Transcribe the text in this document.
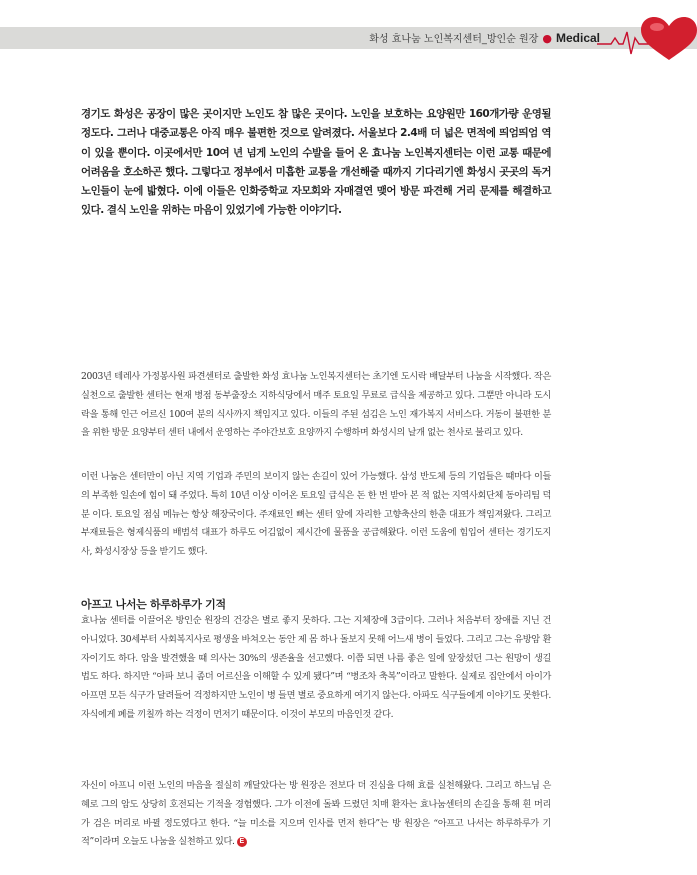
화성 효나눔 노인복지센터_방인순 원장 ● Medical
경기도 화성은 공장이 많은 곳이지만 노인도 참 많은 곳이다. 노인을 보호하는 요양원만 160개가량 운영될 정도다. 그러나 대중교통은 아직 매우 불편한 것으로 알려졌다. 서울보다 2.4배 더 넓은 면적에 띄엄띄엄 역이 있을 뿐이다. 이곳에서만 10여 년 넘게 노인의 수발을 들어 온 효나눔 노인복지센터는 이런 교통 때문에 어려움을 호소하곤 했다. 그렇다고 정부에서 미흡한 교통을 개선해줄 때까지 기다리기엔 화성시 곳곳의 독거노인들이 눈에 밟혔다. 이에 이들은 인화중학교 자모회와 자매결연 맺어 방문 파견해 거리 문제를 해결하고 있다. 결식 노인을 위하는 마음이 있었기에 가능한 이야기다.

2003년 테레사 가정봉사원 파견센터로 출발한 화성 효나눔 노인복지센터는 초기엔 도시락 배달부터 나눔을 시작했다. 작은 실천으로 출발한 센터는 현재 병점 동부출장소 지하식당에서 매주 토요일 무료로 급식을 제공하고 있다. 그뿐만 아니라 도시락을 통해 인근 어르신 100여 분의 식사까지 책임지고 있다. 이들의 주된 섬김은 노인 재가복지 서비스다. 거동이 불편한 분을 위한 방문 요양부터 센터 내에서 운영하는 주야간보호 요양까지 수행하며 화성시의 날개 없는 천사로 불리고 있다.

이런 나눔은 센터만이 아닌 지역 기업과 주민의 보이지 않는 손길이 있어 가능했다. 삼성 반도체 등의 기업들은 때마다 이들의 부족한 일손에 힘이 돼 주었다. 특히 10년 이상 이어온 토요일 급식은 돈 한 번 받아 본 적 없는 지역사회단체 동아리팀 덕분 이다. 토요일 점심 메뉴는 항상 해장국이다. 주재료인 뼈는 센터 앞에 자리한 고향축산의 한춘 대표가 책임져왔다. 그리고 부재료들은 형제식품의 배범석 대표가 하루도 어김없이 제시간에 물품을 공급해왔다. 이런 도움에 힘입어 센터는 경기도지사, 화성시장상 등을 받기도 했다.

아프고 나서는 하루하루가 기적

효나눔 센터를 이끌어온 방인순 원장의 건강은 별로 좋지 못하다. 그는 지체장애 3급이다. 그러나 처음부터 장애를 지닌 건 아니었다. 30세부터 사회복지사로 평생을 바쳐오는 동안 제 몸 하나 돌보지 못해 어느새 병이 들었다. 그리고 그는 유방암 환자이기도 하다. 암을 발견했을 때 의사는 30%의 생존율을 선고했다. 이쯤 되면 나름 좋은 일에 앞장섰던 그는 원망이 생길 법도 하다. 하지만 “아파 보니 좀더 어르신을 이해할 수 있게 됐다”며 “병조차 축복”이라고 말한다. 실제로 집안에서 아이가 아프면 모든 식구가 달려들어 걱정하지만 노인이 병 들면 별로 중요하게 여기지 않는다. 아파도 식구들에게 이야기도 못한다. 자식에게 폐를 끼칠까 하는 걱정이 먼저기 때문이다. 이것이 부모의 마음인것 같다.

자신이 아프니 이런 노인의 마음을 절실히 깨달았다는 방 원장은 전보다 더 진심을 다해 효를 실천해왔다. 그리고 하느님 은혜로 그의 암도 상당히 호전되는 기적을 경험했다. 그가 이전에 돌봐 드렸던 치매 환자는 효나눔센터의 손길을 통해 흰 머리가 검은 머리로 바뀔 정도였다고 한다. “늘 미소를 지으며 인사를 먼저 한다”는 방 원장은 “아프고 나서는 하루하루가 기적”이라며 오늘도 나눔을 실천하고 있다. E
